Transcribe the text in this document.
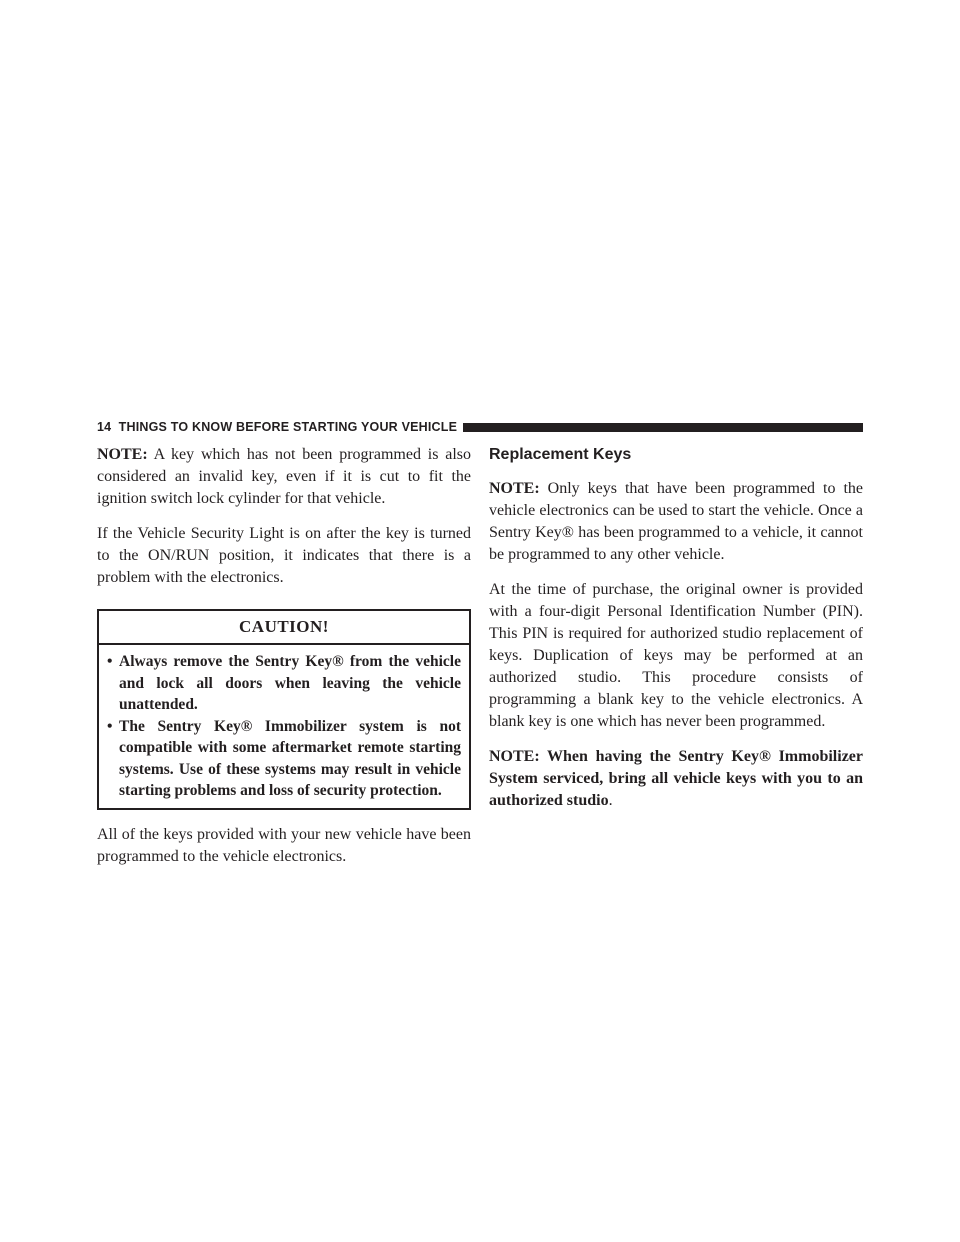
14
THINGS TO KNOW BEFORE STARTING YOUR VEHICLE

NOTE: A key which has not been programmed is also considered an invalid key, even if it is cut to fit the ignition switch lock cylinder for that vehicle.

If the Vehicle Security Light is on after the key is turned to the ON/RUN position, it indicates that there is a problem with the electronics.

CAUTION!
• Always remove the Sentry Key® from the vehicle and lock all doors when leaving the vehicle unattended.
• The Sentry Key® Immobilizer system is not compatible with some aftermarket remote starting systems. Use of these systems may result in vehicle starting problems and loss of security protection.

All of the keys provided with your new vehicle have been programmed to the vehicle electronics.

Replacement Keys

NOTE: Only keys that have been programmed to the vehicle electronics can be used to start the vehicle. Once a Sentry Key® has been programmed to a vehicle, it cannot be programmed to any other vehicle.

At the time of purchase, the original owner is provided with a four-digit Personal Identification Number (PIN). This PIN is required for authorized studio replacement of keys. Duplication of keys may be performed at an authorized studio. This procedure consists of programming a blank key to the vehicle electronics. A blank key is one which has never been programmed.

NOTE: When having the Sentry Key® Immobilizer System serviced, bring all vehicle keys with you to an authorized studio.
